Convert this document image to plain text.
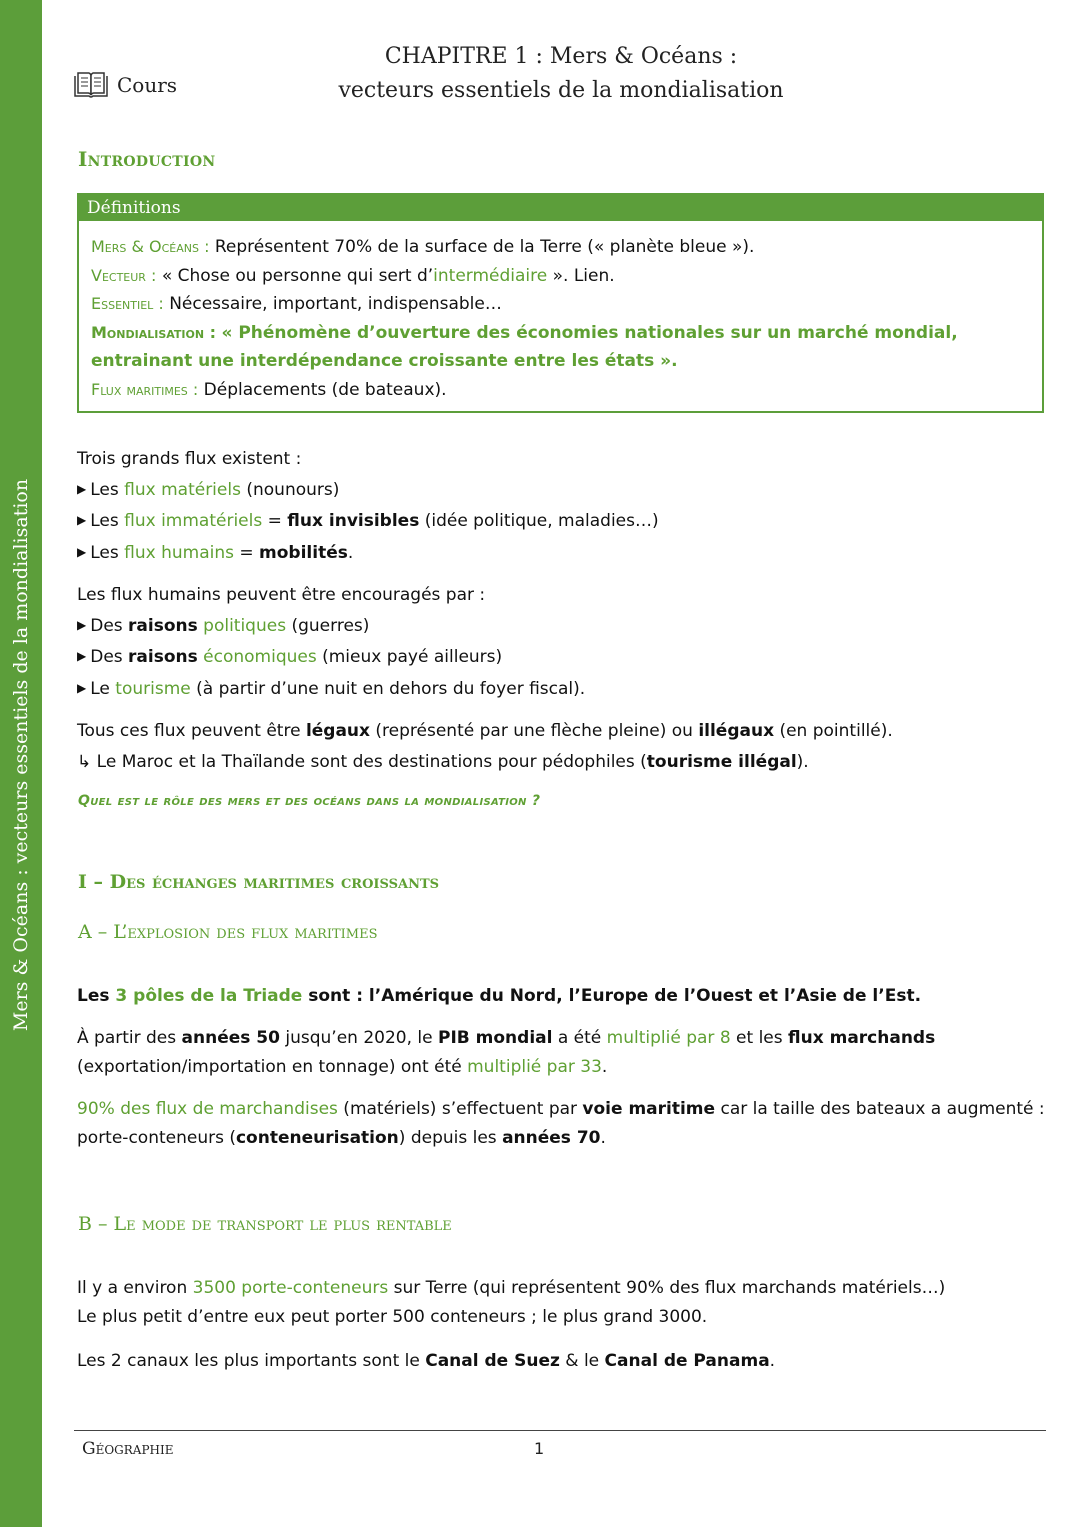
Mers & Océans : vecteurs essentiels de la mondialisation
Cours
CHAPITRE 1 : Mers & Océans :
vecteurs essentiels de la mondialisation
Introduction
Définitions
Mers & Océans : Représentent 70% de la surface de la Terre (« planète bleue »).
Vecteur : « Chose ou personne qui sert d’intermédiaire ». Lien.
Essentiel : Nécessaire, important, indispensable…
Mondialisation : « Phénomène d’ouverture des économies nationales sur un marché mondial, entrainant une interdépendance croissante entre les états ».
Flux maritimes : Déplacements (de bateaux).

Trois grands flux existent :

▶ Les flux matériels (nounours)

▶ Les flux immatériels = flux invisibles (idée politique, maladies…)

▶ Les flux humains = mobilités.

Les flux humains peuvent être encouragés par :

▶ Des raisons politiques (guerres)

▶ Des raisons économiques (mieux payé ailleurs)

▶ Le tourisme (à partir d’une nuit en dehors du foyer fiscal).

Tous ces flux peuvent être légaux (représenté par une flèche pleine) ou illégaux (en pointillé).

↳ Le Maroc et la Thaïlande sont des destinations pour pédophiles (tourisme illégal).

Quel est le rôle des mers et des océans dans la mondialisation ?
I – Des échanges maritimes croissants
A – L’explosion des flux maritimes

Les 3 pôles de la Triade sont : l’Amérique du Nord, l’Europe de l’Ouest et l’Asie de l’Est.

À partir des années 50 jusqu’en 2020, le PIB mondial a été multiplié par 8 et les flux marchands (exportation/importation en tonnage) ont été multiplié par 33.

90% des flux de marchandises (matériels) s’effectuent par voie maritime car la taille des bateaux a augmenté : porte-conteneurs (conteneurisation) depuis les années 70.

B – Le mode de transport le plus rentable

Il y a environ 3500 porte-conteneurs sur Terre (qui représentent 90% des flux marchands matériels…)

Le plus petit d’entre eux peut porter 500 conteneurs ; le plus grand 3000.

Les 2 canaux les plus importants sont le Canal de Suez & le Canal de Panama.

Géographie	1
